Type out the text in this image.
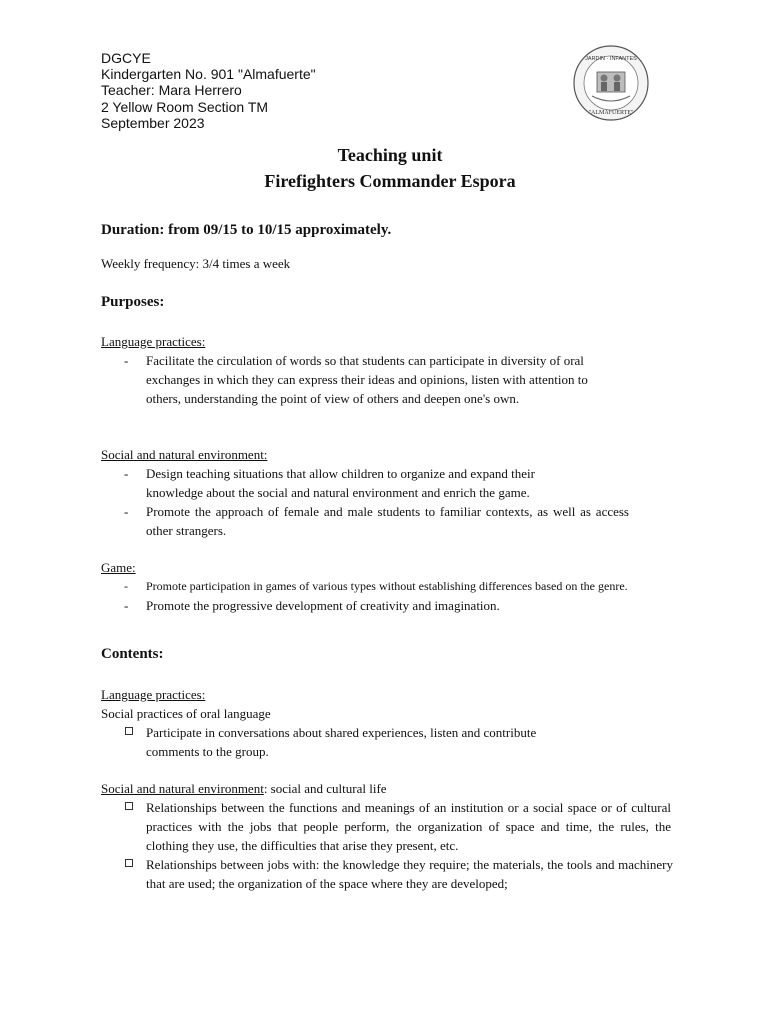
DGCYE
Kindergarten No. 901 "Almafuerte"
Teacher: Mara Herrero
2 Yellow Room Section TM
September 2023
JARDIN · INFANTES
"ALMAFUERTE"
Teaching unit
Firefighters Commander Espora
Duration: from 09/15 to 10/15 approximately.
Weekly frequency: 3/4 times a week
Purposes:
Language practices:
- Facilitate the circulation of words so that students can participate in diversity of oral exchanges in which they can express their ideas and opinions, listen with attention to others, understanding the point of view of others and deepen one's own.
Social and natural environment:
- Design teaching situations that allow children to organize and expand their knowledge about the social and natural environment and enrich the game.
- Promote the approach of female and male students to familiar contexts, as well as access other strangers.
Game:
- Promote participation in games of various types without establishing differences based on the genre.
- Promote the progressive development of creativity and imagination.
Contents:
Language practices:
Social practices of oral language
Participate in conversations about shared experiences, listen and contribute comments to the group.
Social and natural environment: social and cultural life
Relationships between the functions and meanings of an institution or a social space or of cultural practices with the jobs that people perform, the organization of space and time, the rules, the clothing they use, the difficulties that arise they present, etc.
Relationships between jobs with: the knowledge they require; the materials, the tools and machinery that are used; the organization of the space where they are developed;
